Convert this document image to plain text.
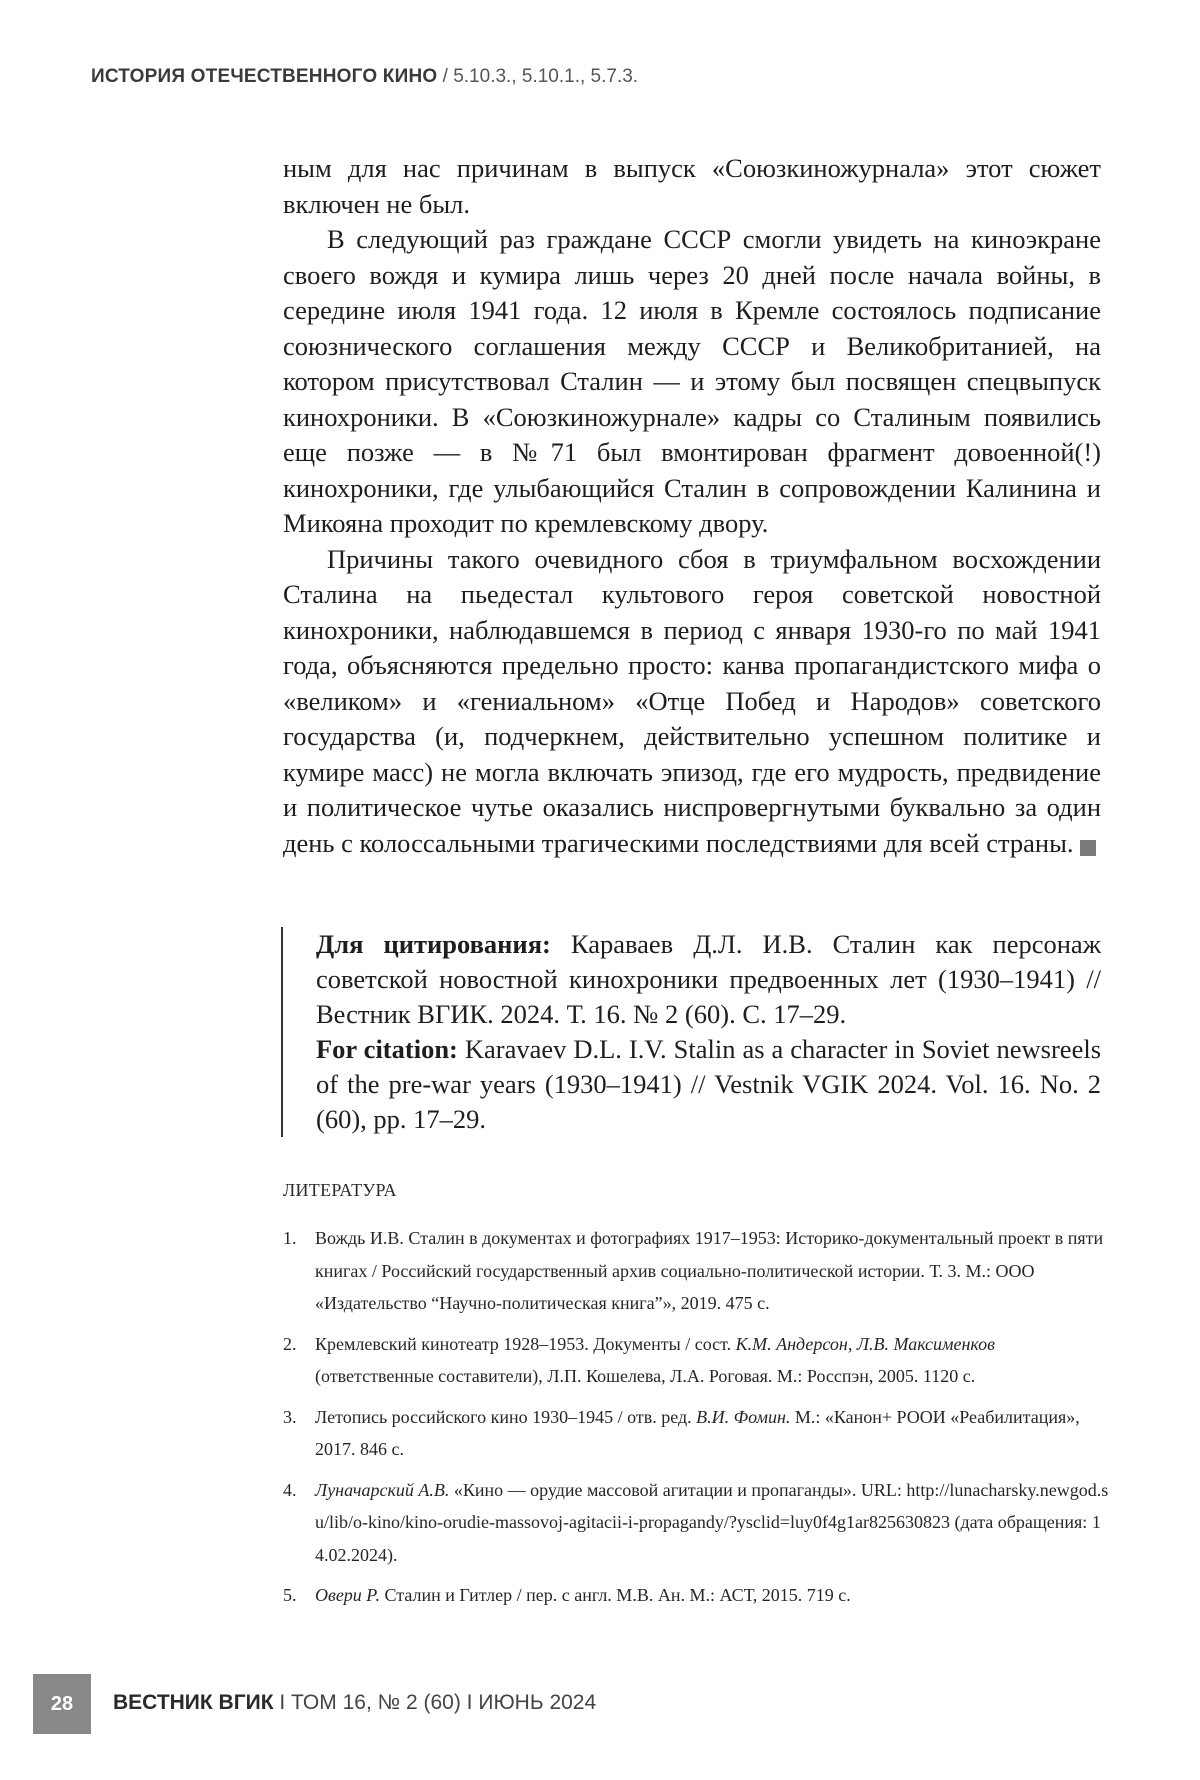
ИСТОРИЯ ОТЕЧЕСТВЕННОГО КИНО / 5.10.3., 5.10.1., 5.7.3.

ным для нас причинам в выпуск «Союзкиножурнала» этот сюжет включен не был.

В следующий раз граждане СССР смогли увидеть на киноэкране своего вождя и кумира лишь через 20 дней после начала войны, в середине июля 1941 года. 12 июля в Кремле состоялось подписание союзнического соглашения между СССР и Великобританией, на котором присутствовал Сталин — и этому был посвящен спецвыпуск кинохроники. В «Союзкиножурнале» кадры со Сталиным появились еще позже — в №71 был вмонтирован фрагмент довоенной(!) кинохроники, где улыбающийся Сталин в сопровождении Калинина и Микояна проходит по кремлевскому двору.

Причины такого очевидного сбоя в триумфальном восхождении Сталина на пьедестал культового героя советской новостной кинохроники, наблюдавшемся в период с января 1930-го по май 1941 года, объясняются предельно просто: канва пропагандистского мифа о «великом» и «гениальном» «Отце Побед и Народов» советского государства (и, подчеркнем, действительно успешном политике и кумире масс) не могла включать эпизод, где его мудрость, предвидение и политическое чутье оказались ниспровергнутыми буквально за один день с колоссальными трагическими последствиями для всей страны.

Для цитирования: Караваев Д.Л. И.В. Сталин как персонаж советской новостной кинохроники предвоенных лет (1930–1941) // Вестник ВГИК. 2024. Т. 16. № 2 (60). С. 17–29.

For citation: Karavaev D.L. I.V. Stalin as a character in Soviet newsreels of the pre-war years (1930–1941) // Vestnik VGIK 2024. Vol. 16. No. 2 (60), pp. 17–29.

ЛИТЕРАТУРА
1. Вождь И.В. Сталин в документах и фотографиях 1917–1953: Историко-документальный проект в пяти книгах / Российский государственный архив социально-политической истории. Т. 3. М.: ООО «Издательство “Научно-политическая книга”», 2019. 475 с.
2. Кремлевский кинотеатр 1928–1953. Документы / сост. К.М. Андерсон, Л.В. Максименков (ответственные составители), Л.П. Кошелева, Л.А. Роговая. М.: Росспэн, 2005. 1120 с.
3. Летопись российского кино 1930–1945 / отв. ред. В.И. Фомин. М.: «Канон+ РООИ «Реабилитация», 2017. 846 с.
4. Луначарский А.В. «Кино — орудие массовой агитации и пропаганды». URL: http://lunacharsky.newgod.su/lib/o-kino/kino-orudie-massovoj-agitacii-i-propagandy/?ysclid=luy0f4g1ar825630823 (дата обращения: 14.02.2024).
5. Овери Р. Сталин и Гитлер / пер. с англ. М.В. Ан. М.: АСТ, 2015. 719 с.
28	ВЕСТНИК ВГИК I ТОМ 16, № 2 (60) I ИЮНЬ 2024
